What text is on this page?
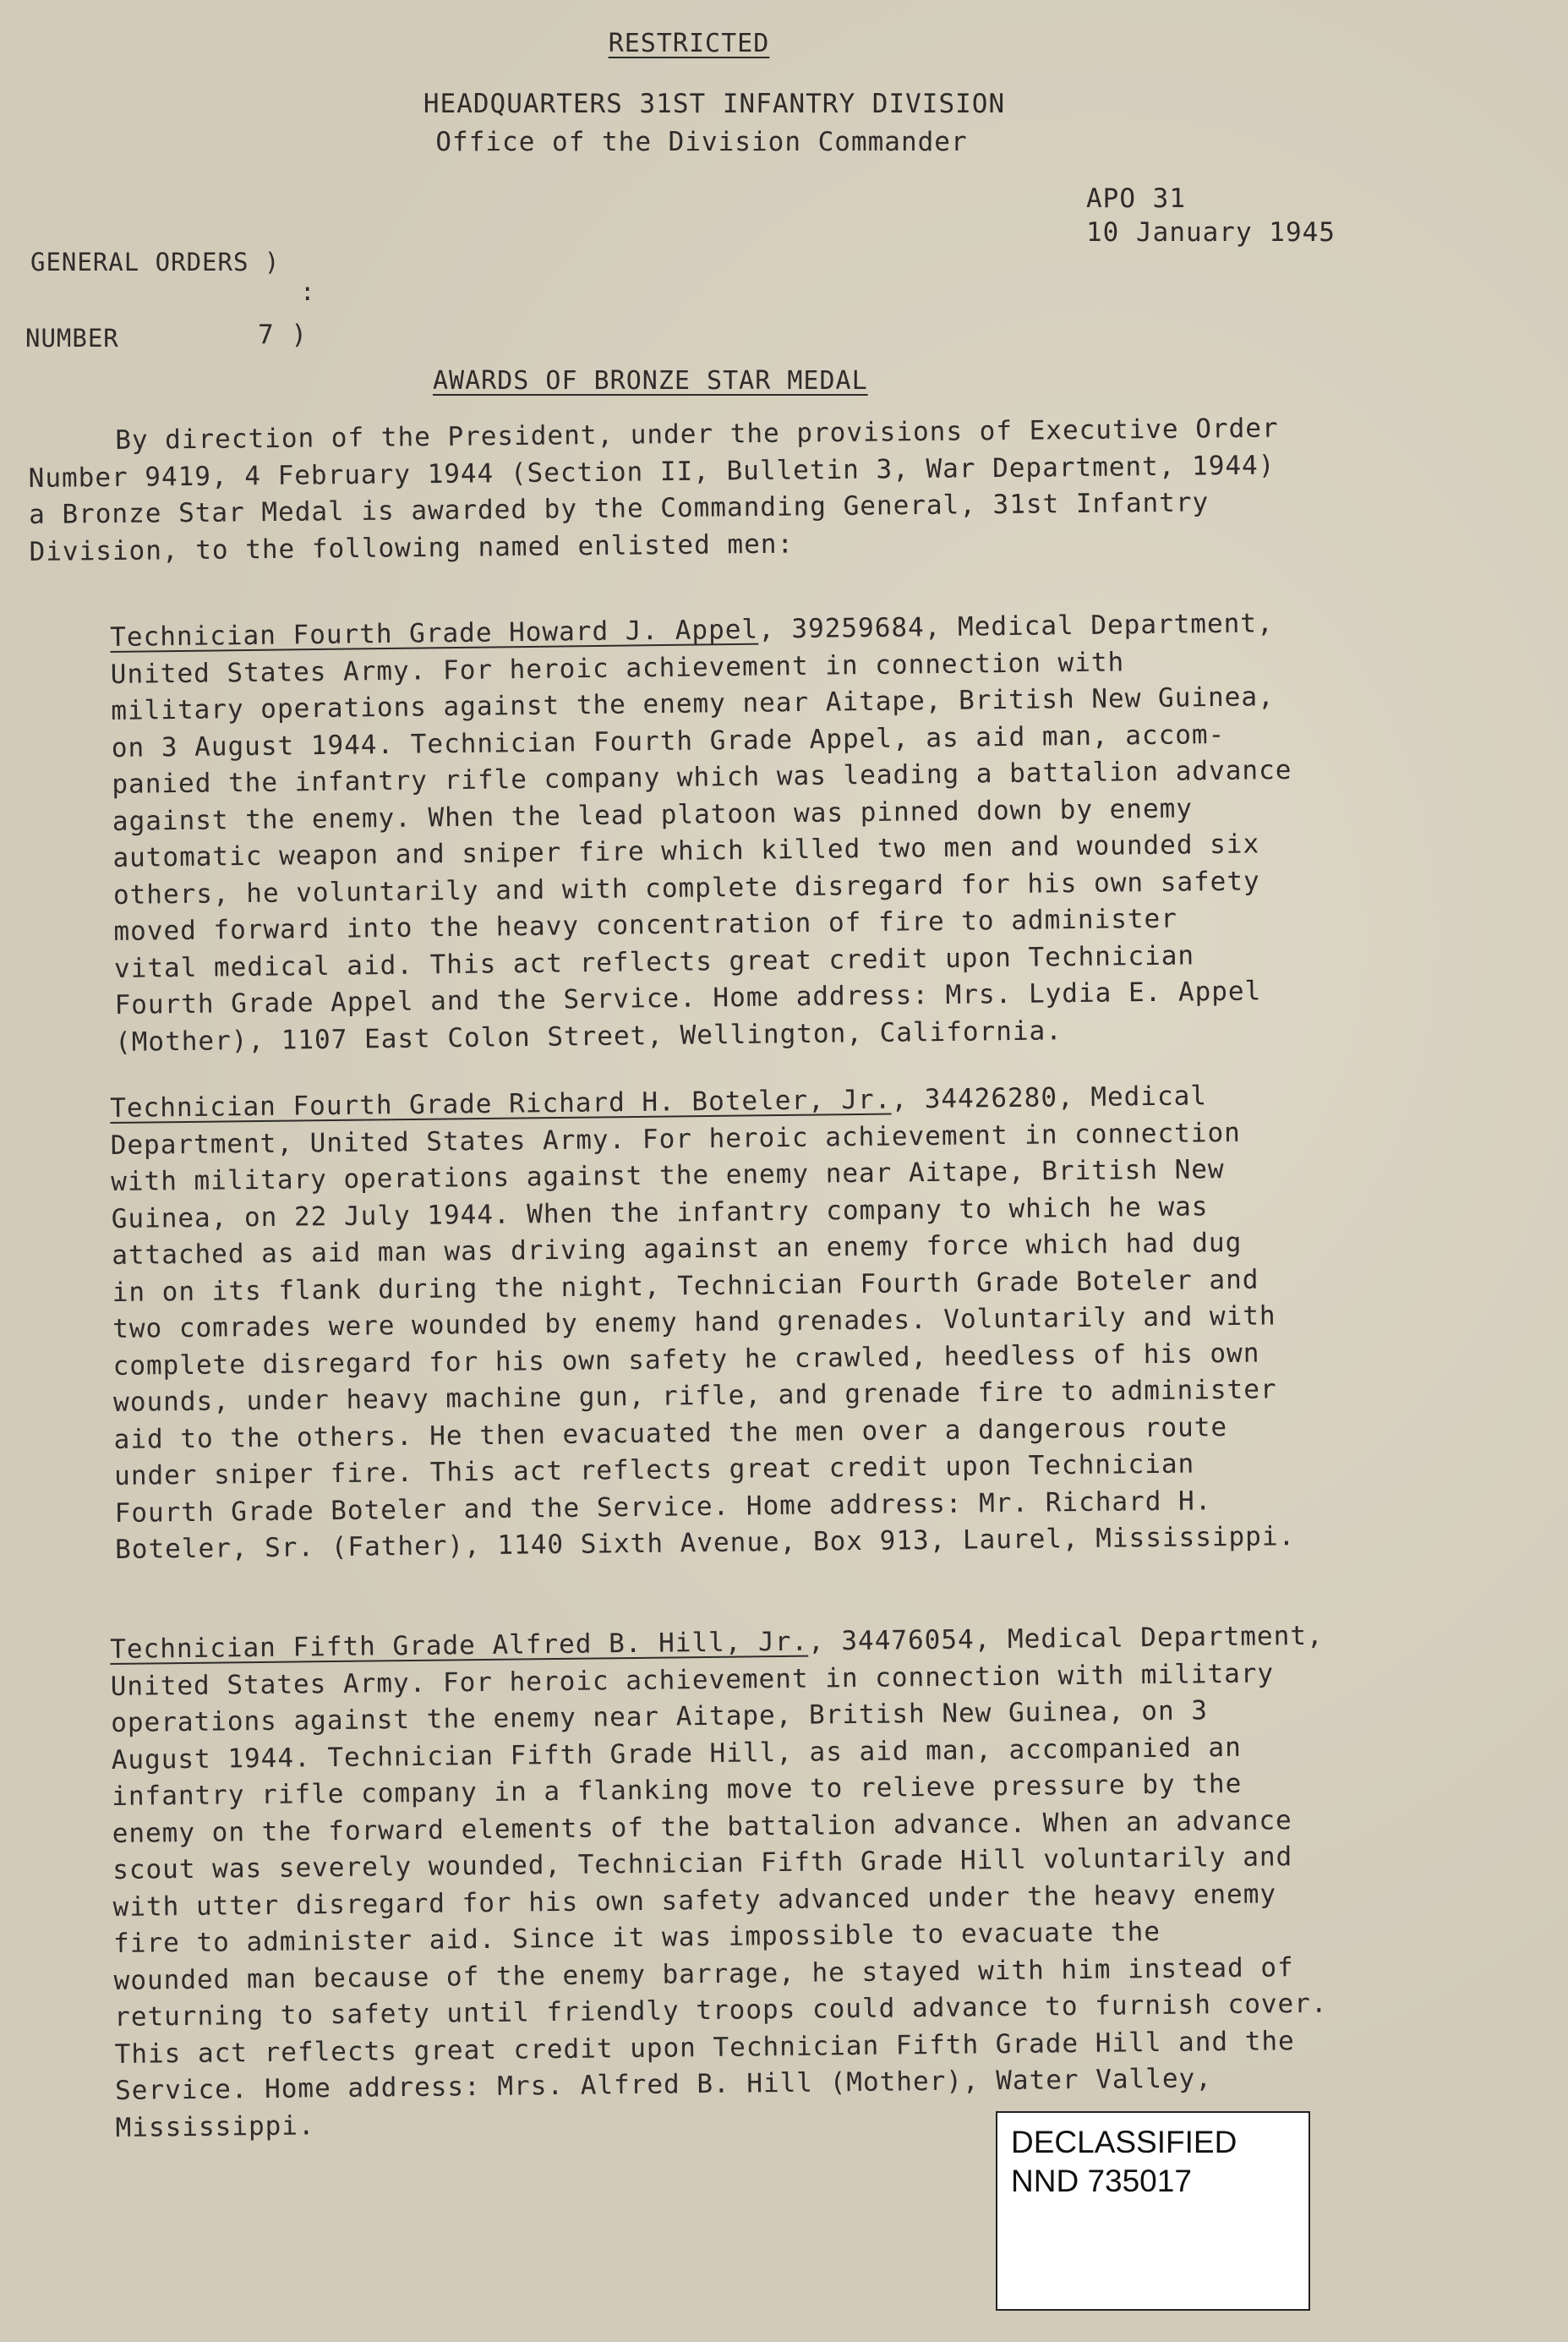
RESTRICTED
HEADQUARTERS 31ST INFANTRY DIVISION
Office of the Division Commander
APO 31
10 January 1945
GENERAL ORDERS )
:
NUMBER	7 )
AWARDS OF BRONZE STAR MEDAL
By direction of the President, under the provisions of Executive Order
Number 9419, 4 February 1944 (Section II, Bulletin 3, War Department, 1944)
a Bronze Star Medal is awarded by the Commanding General, 31st Infantry
Division, to the following named enlisted men:
Technician Fourth Grade Howard J. Appel, 39259684, Medical Department,
United States Army. For heroic achievement in connection with
military operations against the enemy near Aitape, British New Guinea,
on 3 August 1944. Technician Fourth Grade Appel, as aid man, accom-
panied the infantry rifle company which was leading a battalion advance
against the enemy. When the lead platoon was pinned down by enemy
automatic weapon and sniper fire which killed two men and wounded six
others, he voluntarily and with complete disregard for his own safety
moved forward into the heavy concentration of fire to administer
vital medical aid. This act reflects great credit upon Technician
Fourth Grade Appel and the Service. Home address: Mrs. Lydia E. Appel
(Mother), 1107 East Colon Street, Wellington, California.
Technician Fourth Grade Richard H. Boteler, Jr., 34426280, Medical
Department, United States Army. For heroic achievement in connection
with military operations against the enemy near Aitape, British New
Guinea, on 22 July 1944. When the infantry company to which he was
attached as aid man was driving against an enemy force which had dug
in on its flank during the night, Technician Fourth Grade Boteler and
two comrades were wounded by enemy hand grenades. Voluntarily and with
complete disregard for his own safety he crawled, heedless of his own
wounds, under heavy machine gun, rifle, and grenade fire to administer
aid to the others. He then evacuated the men over a dangerous route
under sniper fire. This act reflects great credit upon Technician
Fourth Grade Boteler and the Service. Home address: Mr. Richard H.
Boteler, Sr. (Father), 1140 Sixth Avenue, Box 913, Laurel, Mississippi.
Technician Fifth Grade Alfred B. Hill, Jr., 34476054, Medical Department,
United States Army. For heroic achievement in connection with military
operations against the enemy near Aitape, British New Guinea, on 3
August 1944. Technician Fifth Grade Hill, as aid man, accompanied an
infantry rifle company in a flanking move to relieve pressure by the
enemy on the forward elements of the battalion advance. When an advance
scout was severely wounded, Technician Fifth Grade Hill voluntarily and
with utter disregard for his own safety advanced under the heavy enemy
fire to administer aid. Since it was impossible to evacuate the
wounded man because of the enemy barrage, he stayed with him instead of
returning to safety until friendly troops could advance to furnish cover.
This act reflects great credit upon Technician Fifth Grade Hill and the
Service. Home address: Mrs. Alfred B. Hill (Mother), Water Valley,
Mississippi.	DECLASSIFIED
NND 735017
